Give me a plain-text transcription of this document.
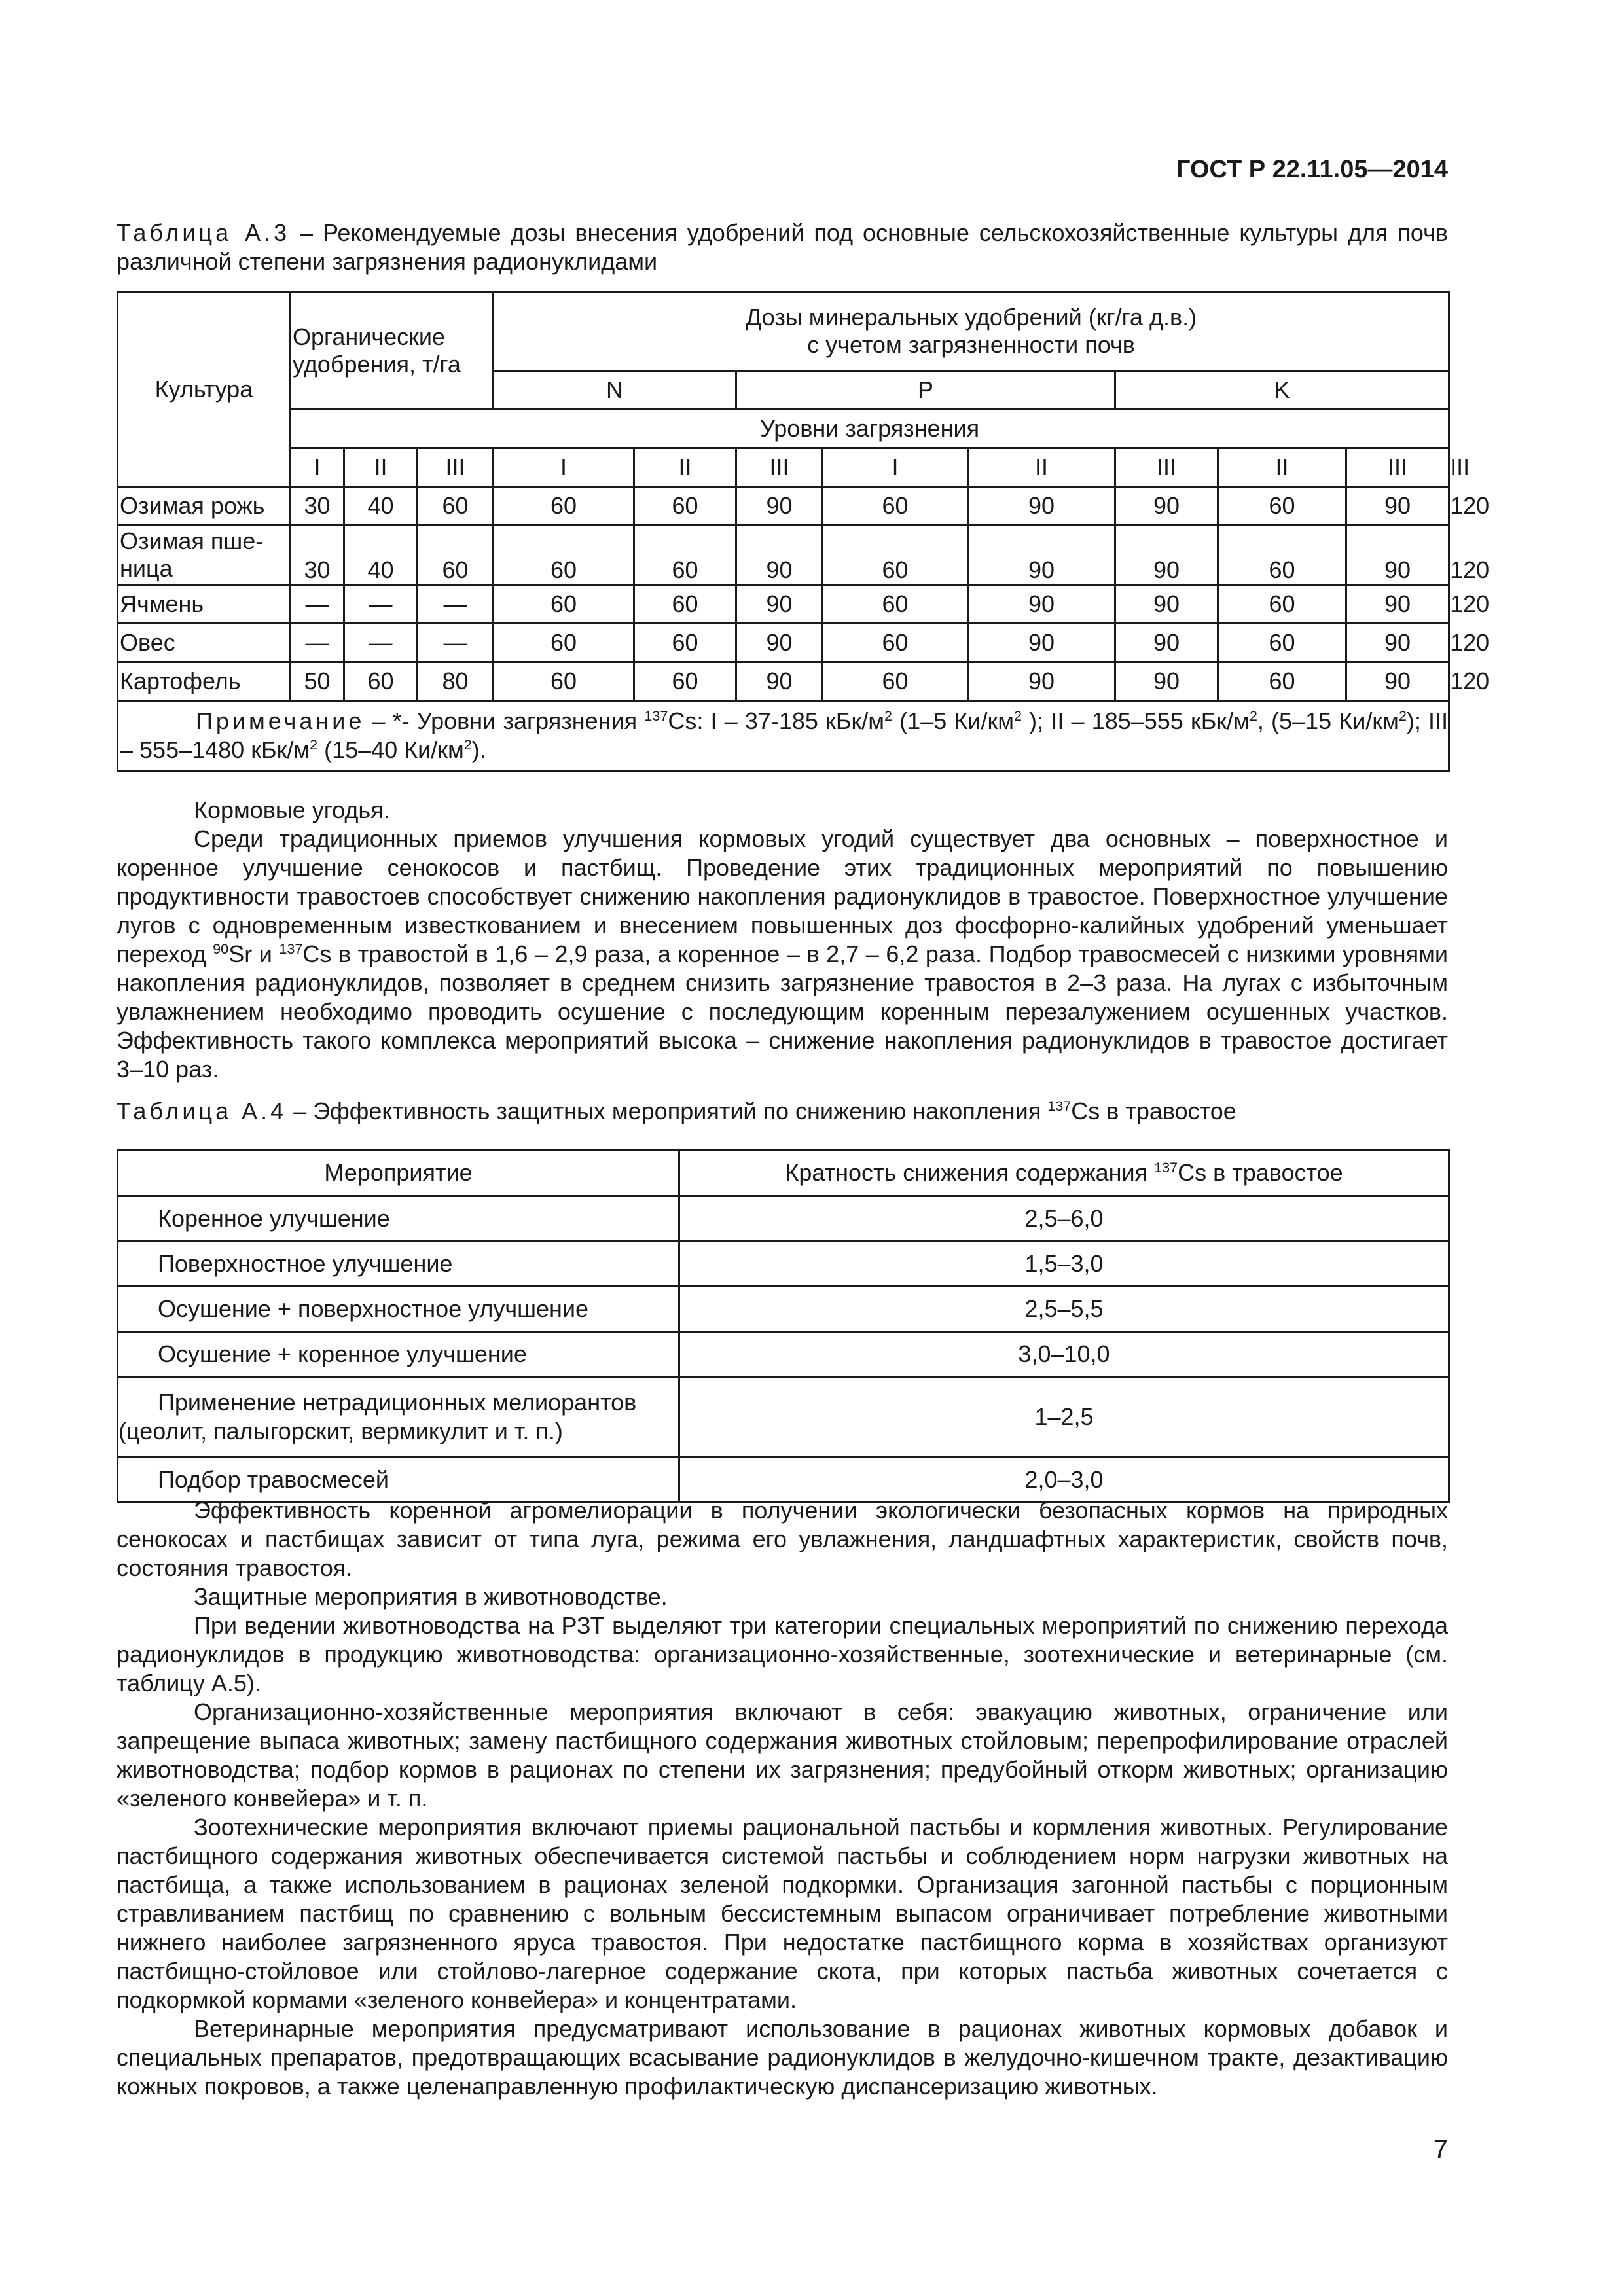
ГОСТ Р 22.11.05—2014
Таблица А.3 – Рекомендуемые дозы внесения удобрений под основные сельскохозяйственные культуры для почв различной степени загрязнения радионуклидами
Культура	Органические удобрения, т/га			Дозы минеральных удобрений (кг/га д.в.)
с учетом загрязненности почв								

				N		P			K			
	Уровни загрязнения											
	I	II	III	I	II	III	I	II	III	II	III	III
Озимая рожь	30	40	60	60	60	90	60	90	90	60	90	120

Озимая пше-
ница	30	40	60	60	60	90	60	90	90	60	90	120
Ячмень	—	—	—	60	60	90	60	90	90	60	90	120
Овес	—	—	—	60	60	90	60	90	90	60	90	120
Картофель	50	60	80	60	60	90	60	90	90	60	90	120
Примечание – *- Уровни загрязнения $^{137}$Cs: I – 37-185 кБк/$м^2$ (1–5 $Ки/км^2$ ); II – 185–555 кБк/$м^2$, (5–15 $Ки/км^2$); III – 555–1480 кБк/$м^2$ (15–40 $Ки/км^2$).												
Кормовые угодья.
Среди традиционных приемов улучшения кормовых угодий существует два основных – поверхностное и коренное улучшение сенокосов и пастбищ. Проведение этих традиционных мероприятий по повышению продуктивности травостоев способствует снижению накопления радионуклидов в травостое. Поверхностное улучшение лугов с одновременным известкованием и внесением повышенных доз фосфорно-калийных удобрений уменьшает переход $^{90}$Sr и $^{137}$Cs в травостой в 1,6 – 2,9 раза, а коренное – в 2,7 – 6,2 раза. Подбор травосмесей с низкими уровнями накопления радионуклидов, позволяет в среднем снизить загрязнение травостоя в 2–3 раза. На лугах с избыточным увлажнением необходимо проводить осушение с последующим коренным перезалужением осушенных участков. Эффективность такого комплекса мероприятий высока – снижение накопления радионуклидов в травостое достигает 3–10 раз.
Таблица А.4 – Эффективность защитных мероприятий по снижению накопления $^{137}$Cs в травостое
Мероприятие	Кратность снижения содержания $^{137}$Cs в травостое
Коренное улучшение	2,5–6,0
Поверхностное улучшение	1,5–3,0
Осушение + поверхностное улучшение	2,5–5,5
Осушение + коренное улучшение	3,0–10,0

Применение нетрадиционных мелиорантов
(цеолит, палыгорскит, вермикулит и т. п.)	1–2,5
Подбор травосмесей	2,0–3,0
Эффективность коренной агромелиорации в получении экологически безопасных кормов на природных сенокосах и пастбищах зависит от типа луга, режима его увлажнения, ландшафтных характеристик, свойств почв, состояния травостоя.
Защитные мероприятия в животноводстве.
При ведении животноводства на РЗТ выделяют три категории специальных мероприятий по снижению перехода радионуклидов в продукцию животноводства: организационно-хозяйственные, зоотехнические и ветеринарные (см. таблицу А.5).
Организационно-хозяйственные мероприятия включают в себя: эвакуацию животных, ограничение или запрещение выпаса животных; замену пастбищного содержания животных стойловым; перепрофилирование отраслей животноводства; подбор кормов в рационах по степени их загрязнения; предубойный откорм животных; организацию «зеленого конвейера» и т. п.
Зоотехнические мероприятия включают приемы рациональной пастьбы и кормления животных. Регулирование пастбищного содержания животных обеспечивается системой пастьбы и соблюдением норм нагрузки животных на пастбища, а также использованием в рационах зеленой подкормки. Организация загонной пастьбы с порционным стравливанием пастбищ по сравнению с вольным бессистемным выпасом ограничивает потребление животными нижнего наиболее загрязненного яруса травостоя. При недостатке пастбищного корма в хозяйствах организуют пастбищно-стойловое или стойлово-лагерное содержание скота, при которых пастьба животных сочетается с подкормкой кормами «зеленого конвейера» и концентратами.
Ветеринарные мероприятия предусматривают использование в рационах животных кормовых добавок и специальных препаратов, предотвращающих всасывание радионуклидов в желудочно-кишечном тракте, дезактивацию кожных покровов, а также целенаправленную профилактическую диспансеризацию животных.
7
